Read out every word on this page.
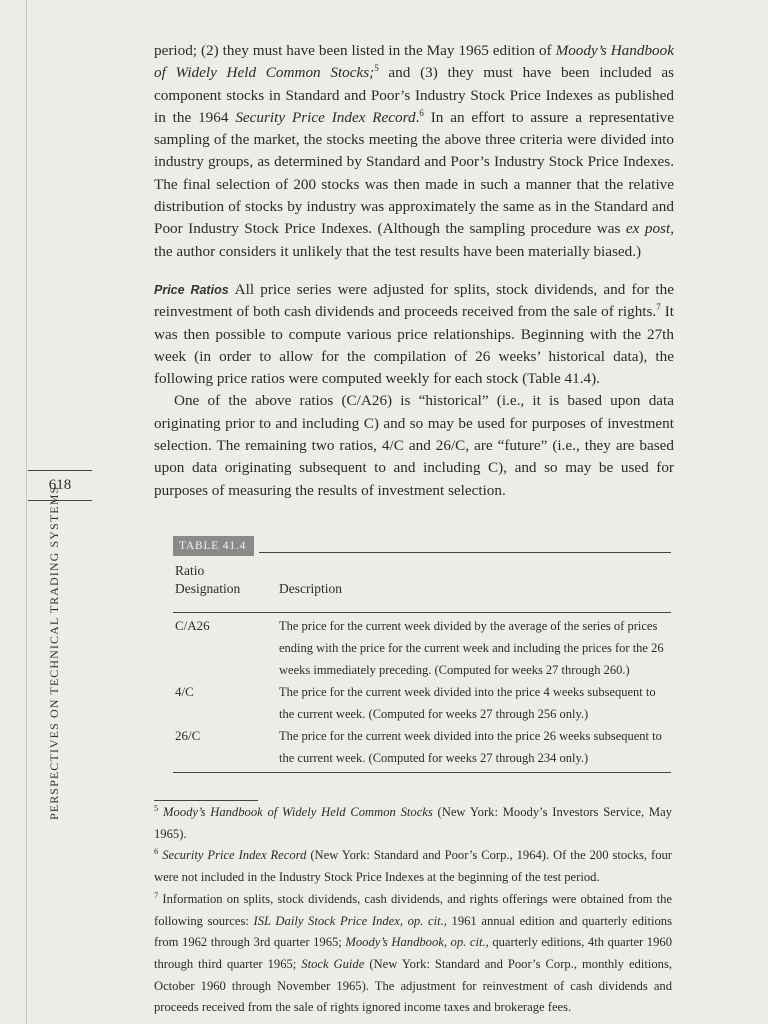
period; (2) they must have been listed in the May 1965 edition of Moody’s Handbook of Widely Held Common Stocks;$^5$ and (3) they must have been included as component stocks in Standard and Poor’s Industry Stock Price Indexes as published in the 1964 Security Price Index Record.$^6$ In an effort to assure a representative sampling of the market, the stocks meeting the above three criteria were divided into industry groups, as determined by Standard and Poor’s Industry Stock Price Indexes. The final selection of 200 stocks was then made in such a manner that the relative distribution of stocks by industry was approximately the same as in the Standard and Poor Industry Stock Price Indexes. (Although the sampling procedure was ex post, the author considers it unlikely that the test results have been materially biased.)

Price Ratios All price series were adjusted for splits, stock dividends, and for the reinvestment of both cash dividends and proceeds received from the sale of rights.$^7$ It was then possible to compute various price relationships. Beginning with the 27th week (in order to allow for the compilation of 26 weeks’ historical data), the following price ratios were computed weekly for each stock (Table 41.4).

One of the above ratios (C/A26) is “historical” (i.e., it is based upon data originating prior to and including C) and so may be used for purposes of investment selection. The remaining two ratios, 4/C and 26/C, are “future” (i.e., they are based upon data originating subsequent to and including C), and so may be used for purposes of measuring the results of investment selection.

618
PERSPECTIVES ON TECHNICAL TRADING SYSTEMS	TABLE 41.4
Ratio Designation	Description
C/A26	The price for the current week divided by the average of the series of prices ending with the price for the current week and including the prices for the 26 weeks immediately preceding. (Computed for weeks 27 through 260.)
4/C	The price for the current week divided into the price 4 weeks subsequent to the current week. (Computed for weeks 27 through 256 only.)
26/C	The price for the current week divided into the price 26 weeks subsequent to the current week. (Computed for weeks 27 through 234 only.)

$^5$ Moody’s Handbook of Widely Held Common Stocks (New York: Moody’s Investors Service, May 1965).

$^6$ Security Price Index Record (New York: Standard and Poor’s Corp., 1964). Of the 200 stocks, four were not included in the Industry Stock Price Indexes at the beginning of the test period.

$^7$ Information on splits, stock dividends, cash dividends, and rights offerings were obtained from the following sources: ISL Daily Stock Price Index, op. cit., 1961 annual edition and quarterly editions from 1962 through 3rd quarter 1965; Moody’s Handbook, op. cit., quarterly editions, 4th quarter 1960 through third quarter 1965; Stock Guide (New York: Standard and Poor’s Corp., monthly editions, October 1960 through November 1965). The adjustment for reinvestment of cash dividends and proceeds received from the sale of rights ignored income taxes and brokerage fees.
